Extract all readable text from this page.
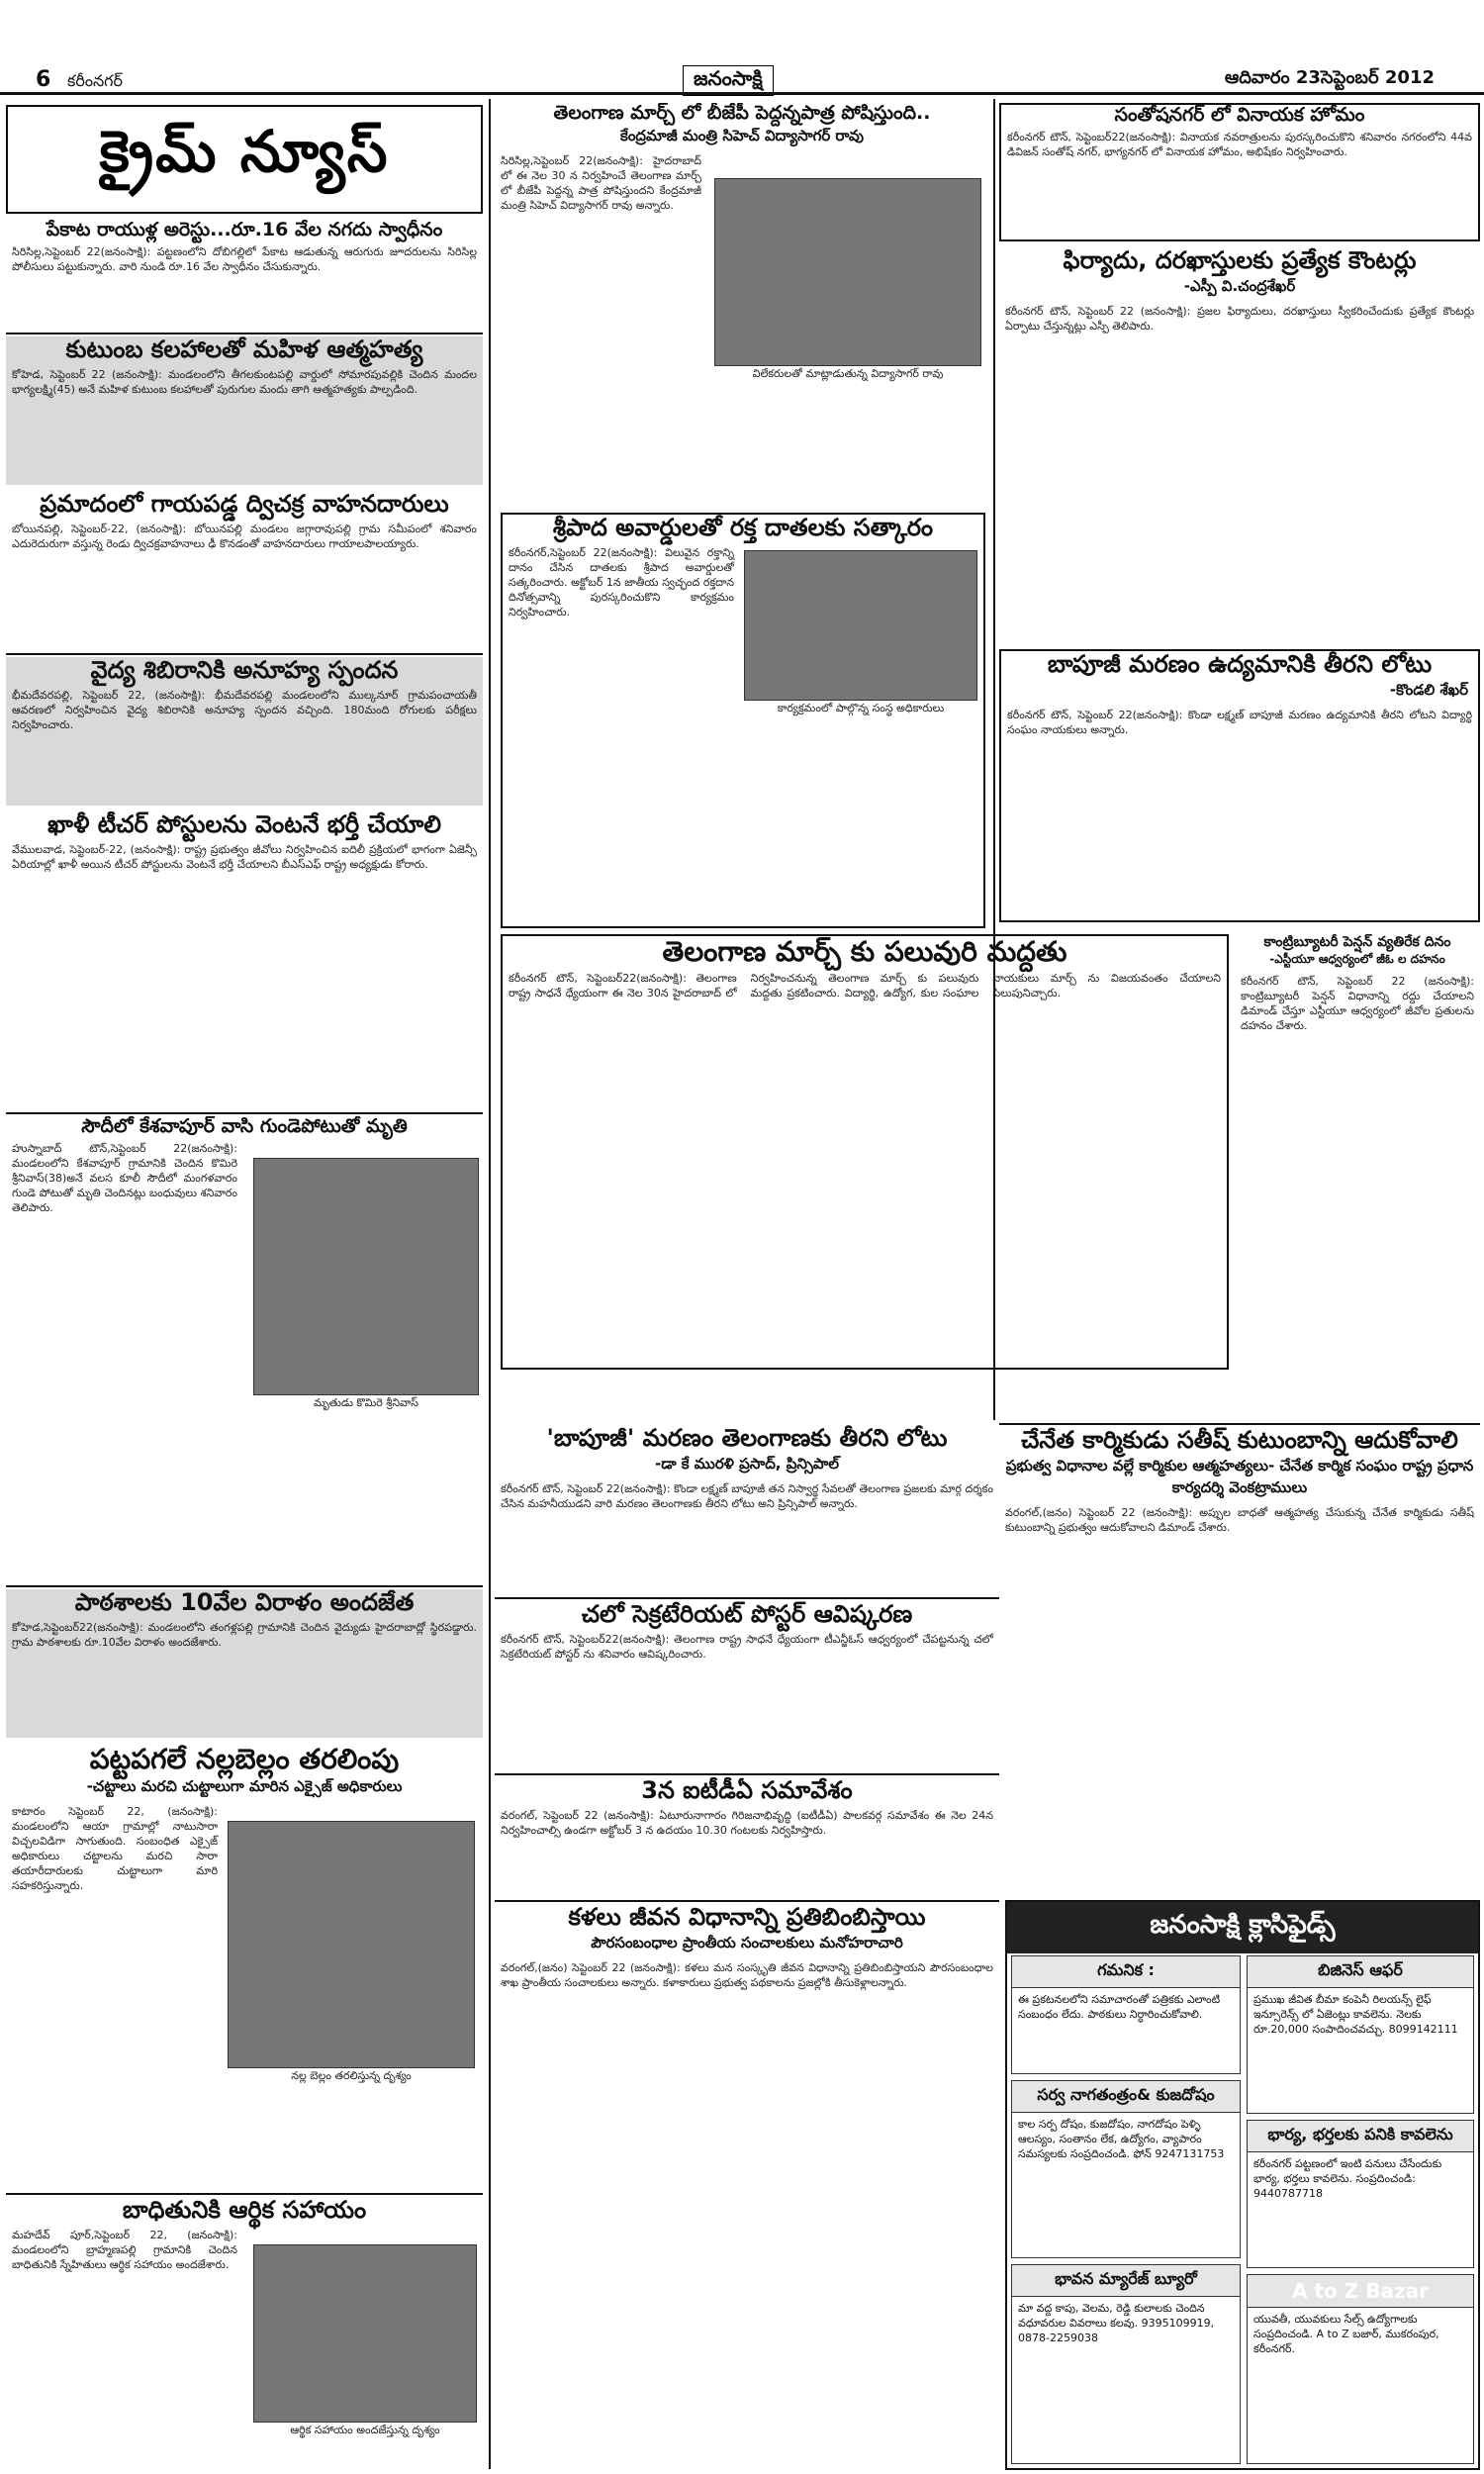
6 కరీంనగర్	జనంసాక్షి	ఆదివారం 23సెప్టెంబర్ 2012
క్రైమ్ న్యూస్
పేకాట రాయుళ్ల అరెస్టు...రూ.16 వేల నగదు స్వాధీనం
సిరిసిల్ల,సెప్టెంబర్ 22(జనంసాక్షి): పట్టణంలోని దోబిగల్లిలో పేకాట ఆడుతున్న ఆరుగురు జూదరులను సిరిసిల్ల పోలీసులు పట్టుకున్నారు. వారి నుండి రూ.16 వేల స్వాధీనం చేసుకున్నారు.
కుటుంబ కలహాలతో మహిళ ఆత్మహత్య
కోహెడ, సెప్టెంబర్ 22 (జనంసాక్షి): మండలంలోని తీగలకుంటపల్లి వార్డులో సోమారపువల్లికి చెందిన మందల భాగ్యలక్ష్మి(45) అనే మహిళ కుటుంబ కలహాలతో పురుగుల మందు తాగి ఆత్మహత్యకు పాల్పడింది.
ప్రమాదంలో గాయపడ్డ ద్విచక్ర వాహనదారులు
బోయినపల్లి, సెప్టెంబర్-22, (జనంసాక్షి): బోయినపల్లి మండలం జగ్గారావుపల్లి గ్రామ సమీపంలో శనివారం ఎదురెదురుగా వస్తున్న రెండు ద్విచక్రవాహనాలు ఢీ కొనడంతో వాహనదారులు గాయాలపాలయ్యారు.
వైద్య శిబిరానికి అనూహ్య స్పందన
భీమదేవరపల్లి, సెప్టెంబర్ 22, (జనంసాక్షి): భీమదేవరపల్లి మండలంలోని ముల్కనూర్ గ్రామపంచాయతీ ఆవరణలో నిర్వహించిన వైద్య శిబిరానికి అనూహ్య స్పందన వచ్చింది. 180మంది రోగులకు పరీక్షలు నిర్వహించారు.
ఖాళీ టీచర్ పోస్టులను వెంటనే భర్తీ చేయాలి
వేములవాడ, సెప్టెంబర్-22, (జనంసాక్షి): రాష్ట్ర ప్రభుత్వం జీవోలు నిర్వహించిన ఐదిలీ ప్రక్రియలో భాగంగా ఏజెన్సీ ఏరియాల్లో ఖాళీ అయిన టీచర్ పోస్టులను వెంటనే భర్తీ చేయాలని బీఎస్ఎఫ్ రాష్ట్ర అధ్యక్షుడు కోరారు.
సౌదీలో కేశవాపూర్ వాసి గుండెపోటుతో మృతి
హుస్నాబాద్ టౌన్,సెప్టెంబర్ 22(జనంసాక్షి): మండలంలోని కేశవాపూర్ గ్రామానికి చెందిన కొమిరె శ్రీనివాస్(38)అనే వలస కూలీ సౌదీలో మంగళవారం గుండె పోటుతో మృతి చెందినట్లు బంధువులు శనివారం తెలిపారు.
మృతుడు కొమిరె శ్రీనివాస్
పాఠశాలకు 10వేల విరాళం అందజేత
కోహెడ,సెప్టెంబర్22(జనంసాక్షి): మండలంలోని తంగళ్లపల్లి గ్రామానికి చెందిన వైద్యుడు హైదరాబాద్లో స్థిరపడ్డారు. గ్రామ పాఠశాలకు రూ.10వేల విరాళం అందజేశారు.
పట్టపగలే నల్లబెల్లం తరలింపు
-చట్టాలు మరచి చుట్టాలుగా మారిన ఎక్సైజ్ అధికారులు
కాటారం సెప్టెంబర్ 22, (జనంసాక్షి): మండలంలోని ఆయా గ్రామాల్లో నాటుసారా విచ్చలవిడిగా సాగుతుంది. సంబంధిత ఎక్సైజ్ అధికారులు చట్టాలను మరచి సారా తయారీదారులకు చుట్టాలుగా మారి సహకరిస్తున్నారు.
నల్ల బెల్లం తరలిస్తున్న దృశ్యం
బాధితునికి ఆర్థిక సహాయం
మహదేవ్ పూర్,సెప్టెంబర్ 22, (జనంసాక్షి): మండలంలోని బ్రాహ్మణపల్లి గ్రామానికి చెందిన బాధితునికి స్నేహితులు ఆర్థిక సహాయం అందజేశారు.
ఆర్థిక సహాయం అందజేస్తున్న దృశ్యం
తెలంగాణ మార్చ్ లో బీజేపీ పెద్దన్నపాత్ర పోషిస్తుంది..
కేంద్రమాజీ మంత్రి సిహెచ్ విద్యాసాగర్ రావు
సిరిసిల్ల,సెప్టెంబర్ 22(జనంసాక్షి): హైదరాబాద్ లో ఈ నెల 30 న నిర్వహించే తెలంగాణ మార్చ్ లో బీజేపీ పెద్దన్న పాత్ర పోషిస్తుందని కేంద్రమాజీ మంత్రి సిహెచ్ విద్యాసాగర్ రావు అన్నారు.
విలేకరులతో మాట్లాడుతున్న విద్యాసాగర్ రావు
శ్రీపాద అవార్డులతో రక్త దాతలకు సత్కారం
కరీంనగర్,సెప్టెంబర్ 22(జనంసాక్షి): విలువైన రక్తాన్ని దానం చేసిన దాతలకు శ్రీపాద అవార్డులతో సత్కరించారు. అక్టోబర్ 1న జాతీయ స్వచ్ఛంద రక్తదాన దినోత్సవాన్ని పురస్కరించుకొని కార్యక్రమం నిర్వహించారు.
కార్యక్రమంలో పాల్గొన్న సంస్థ అధికారులు
తెలంగాణ మార్చ్ కు పలువురి మద్దతు
కరీంనగర్ టౌన్, సెప్టెంబర్22(జనంసాక్షి): తెలంగాణ రాష్ట్ర సాధనే ధ్యేయంగా ఈ నెల 30న హైదరాబాద్ లో నిర్వహించనున్న తెలంగాణ మార్చ్ కు పలువురు మద్దతు ప్రకటించారు. విద్యార్థి, ఉద్యోగ, కుల సంఘాల నాయకులు మార్చ్ ను విజయవంతం చేయాలని పిలుపునిచ్చారు.
'బాపూజీ' మరణం తెలంగాణకు తీరని లోటు
-డా కే మురళి ప్రసాద్, ప్రిన్సిపాల్
కరీంనగర్ టౌన్, సెప్టెంబర్ 22(జనంసాక్షి): కొండా లక్ష్మణ్ బాపూజీ తన నిస్వార్థ సేవలతో తెలంగాణ ప్రజలకు మార్గ దర్శకం చేసిన మహనీయుడని వారి మరణం తెలంగాణకు తీరని లోటు అని ప్రిన్సిపాల్ అన్నారు.
చలో సెక్రటేరియట్ పోస్టర్ ఆవిష్కరణ
కరీంనగర్ టౌన్, సెప్టెంబర్22(జనంసాక్షి): తెలంగాణ రాష్ట్ర సాధనే ధ్యేయంగా టీఎన్జీఓస్ ఆధ్వర్యంలో చేపట్టనున్న చలో సెక్రటేరియట్ పోస్టర్ ను శనివారం ఆవిష్కరించారు.
3న ఐటీడీఏ సమావేశం
వరంగల్, సెప్టెంబర్ 22 (జనంసాక్షి): ఏటూరునాగారం గిరిజనాభివృద్ధి (ఐటీడీఏ) పాలకవర్గ సమావేశం ఈ నెల 24న నిర్వహించాల్సి ఉండగా అక్టోబర్ 3 న ఉదయం 10.30 గంటలకు నిర్వహిస్తారు.
కళలు జీవన విధానాన్ని ప్రతిబింబిస్తాయి
పౌరసంబంధాల ప్రాంతీయ సంచాలకులు మనోహరాచారి
వరంగల్,(జనం) సెప్టెంబర్ 22 (జనంసాక్షి): కళలు మన సంస్కృతి జీవన విధానాన్ని ప్రతిబింబిస్తాయని పౌరసంబంధాల శాఖ ప్రాంతీయ సంచాలకులు అన్నారు. కళాకారులు ప్రభుత్వ పథకాలను ప్రజల్లోకి తీసుకెళ్లాలన్నారు.
సంతోషనగర్ లో వినాయక హోమం
కరీంనగర్ టౌన్, సెప్టెంబర్22(జనంసాక్షి): వినాయక నవరాత్రులను పురస్కరించుకొని శనివారం నగరంలోని 44వ డివిజన్ సంతోష్ నగర్, భాగ్యనగర్ లో వినాయక హోమం, అభిషేకం నిర్వహించారు.
ఫిర్యాదు, దరఖాస్తులకు ప్రత్యేక కౌంటర్లు
-ఎస్పీ వి.చంద్రశేఖర్
కరీంనగర్ టౌన్, సెప్టెంబర్ 22 (జనంసాక్షి): ప్రజల ఫిర్యాదులు, దరఖాస్తులు స్వీకరించేందుకు ప్రత్యేక కౌంటర్లు ఏర్పాటు చేస్తున్నట్లు ఎస్పీ తెలిపారు.
బాపూజీ మరణం ఉద్యమానికి తీరని లోటు
-కొండలి శేఖర్
కరీంనగర్ టౌన్, సెప్టెంబర్ 22(జనంసాక్షి): కొండా లక్ష్మణ్ బాపూజీ మరణం ఉద్యమానికి తీరని లోటని విద్యార్థి సంఘం నాయకులు అన్నారు.
కాంట్రిబ్యూటరీ పెన్షన్ వ్యతిరేక దినం
-ఎస్టీయూ ఆధ్వర్యంలో జీఓ ల దహనం
కరీంనగర్ టౌన్, సెప్టెంబర్ 22 (జనంసాక్షి): కాంట్రిబ్యూటరీ పెన్షన్ విధానాన్ని రద్దు చేయాలని డిమాండ్ చేస్తూ ఎస్టీయూ ఆధ్వర్యంలో జీవోల ప్రతులను దహనం చేశారు.
చేనేత కార్మికుడు సతీష్ కుటుంబాన్ని ఆదుకోవాలి
ప్రభుత్వ విధానాల వల్లే కార్మికుల ఆత్మహత్యలు- చేనేత కార్మిక సంఘం రాష్ట్ర ప్రధాన కార్యదర్శి వెంకట్రాములు
వరంగల్,(జనం) సెప్టెంబర్ 22 (జనంసాక్షి): అప్పుల బాధతో ఆత్మహత్య చేసుకున్న చేనేత కార్మికుడు సతీష్ కుటుంబాన్ని ప్రభుత్వం ఆదుకోవాలని డిమాండ్ చేశారు.
జనంసాక్షి క్లాసిఫైడ్స్
గమనిక :
ఈ ప్రకటనలలోని సమాచారంతో పత్రికకు ఎలాంటి సంబంధం లేదు. పాఠకులు నిర్ధారించుకోవాలి.
సర్వ నాగతంత్రం& కుజదోషం
కాల సర్ప దోషం, కుజదోషం, నాగదోషం పెళ్ళి ఆలస్యం, సంతానం లేక, ఉద్యోగం, వ్యాపారం సమస్యలకు సంప్రదించండి. ఫోన్ 9247131753
భావన మ్యారేజ్ బ్యూరో
మా వద్ద కాపు, వెలమ, రెడ్డి కులాలకు చెందిన వధూవరుల వివరాలు కలవు. 9395109919, 0878-2259038
బిజినెస్ ఆఫర్
ప్రముఖ జీవిత బీమా కంపెనీ రిలయన్స్ లైఫ్ ఇన్సూరెన్స్ లో ఏజెంట్లు కావలెను. నెలకు రూ.20,000 సంపాదించవచ్చు. 8099142111
భార్య, భర్తలకు పనికి కావలెను
కరీంనగర్ పట్టణంలో ఇంటి పనులు చేసేందుకు భార్య, భర్తలు కావలెను. సంప్రదించండి: 9440787718
A to Z Bazar
యువతీ, యువకులు సేల్స్ ఉద్యోగాలకు సంప్రదించండి. A to Z బజార్, ముకరంపుర, కరీంనగర్.
